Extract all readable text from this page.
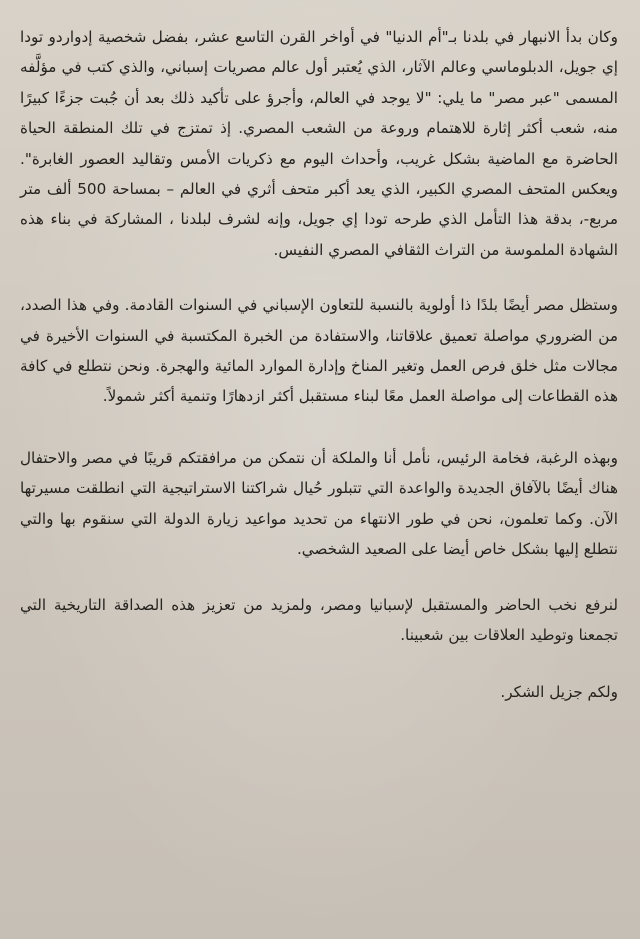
وكان بدأ الانبهار في بلدنا بـ"أم الدنيا" في أواخر القرن التاسع عشر، بفضل شخصية إدواردو تودا إي جويل، الدبلوماسي وعالم الآثار، الذي يُعتبر أول عالم مصريات إسباني، والذي كتب في مؤلَّفه المسمى "عبر مصر" ما يلي: "لا يوجد في العالم، وأجرؤ على تأكيد ذلك بعد أن جُبت جزءًا كبيرًا منه، شعب أكثر إثارة للاهتمام وروعة من الشعب المصري. إذ تمتزج في تلك المنطقة الحياة الحاضرة مع الماضية بشكل غريب، وأحداث اليوم مع ذكريات الأمس وتقاليد العصور الغابرة". ويعكس المتحف المصري الكبير، الذي يعد أكبر متحف أثري في العالم – بمساحة 500 ألف متر مربع-، بدقة هذا التأمل الذي طرحه تودا إي جويل، وإنه لشرف لبلدنا ، المشاركة في بناء هذه الشهادة الملموسة من التراث الثقافي المصري النفيس.

وستظل مصر أيضًا بلدًا ذا أولوية بالنسبة للتعاون الإسباني في السنوات القادمة. وفي هذا الصدد، من الضروري مواصلة تعميق علاقاتنا، والاستفادة من الخبرة المكتسبة في السنوات الأخيرة في مجالات مثل خلق فرص العمل وتغير المناخ وإدارة الموارد المائية والهجرة. ونحن نتطلع في كافة هذه القطاعات إلى مواصلة العمل معًا لبناء مستقبل أكثر ازدهارًا وتنمية أكثر شمولاً.

وبهذه الرغبة، فخامة الرئيس، نأمل أنا والملكة أن نتمكن من مرافقتكم قريبًا في مصر والاحتفال هناك أيضًا بالآفاق الجديدة والواعدة التي تتبلور حُيال شراكتنا الاستراتيجية التي انطلقت مسيرتها الآن. وكما تعلمون، نحن في طور الانتهاء من تحديد مواعيد زيارة الدولة التي سنقوم بها والتي نتطلع إليها بشكل خاص أيضا على الصعيد الشخصي.

لنرفع نخب الحاضر والمستقبل لإسبانيا ومصر، ولمزيد من تعزيز هذه الصداقة التاريخية التي تجمعنا وتوطيد العلاقات بين شعبينا.

ولكم جزيل الشكر.
